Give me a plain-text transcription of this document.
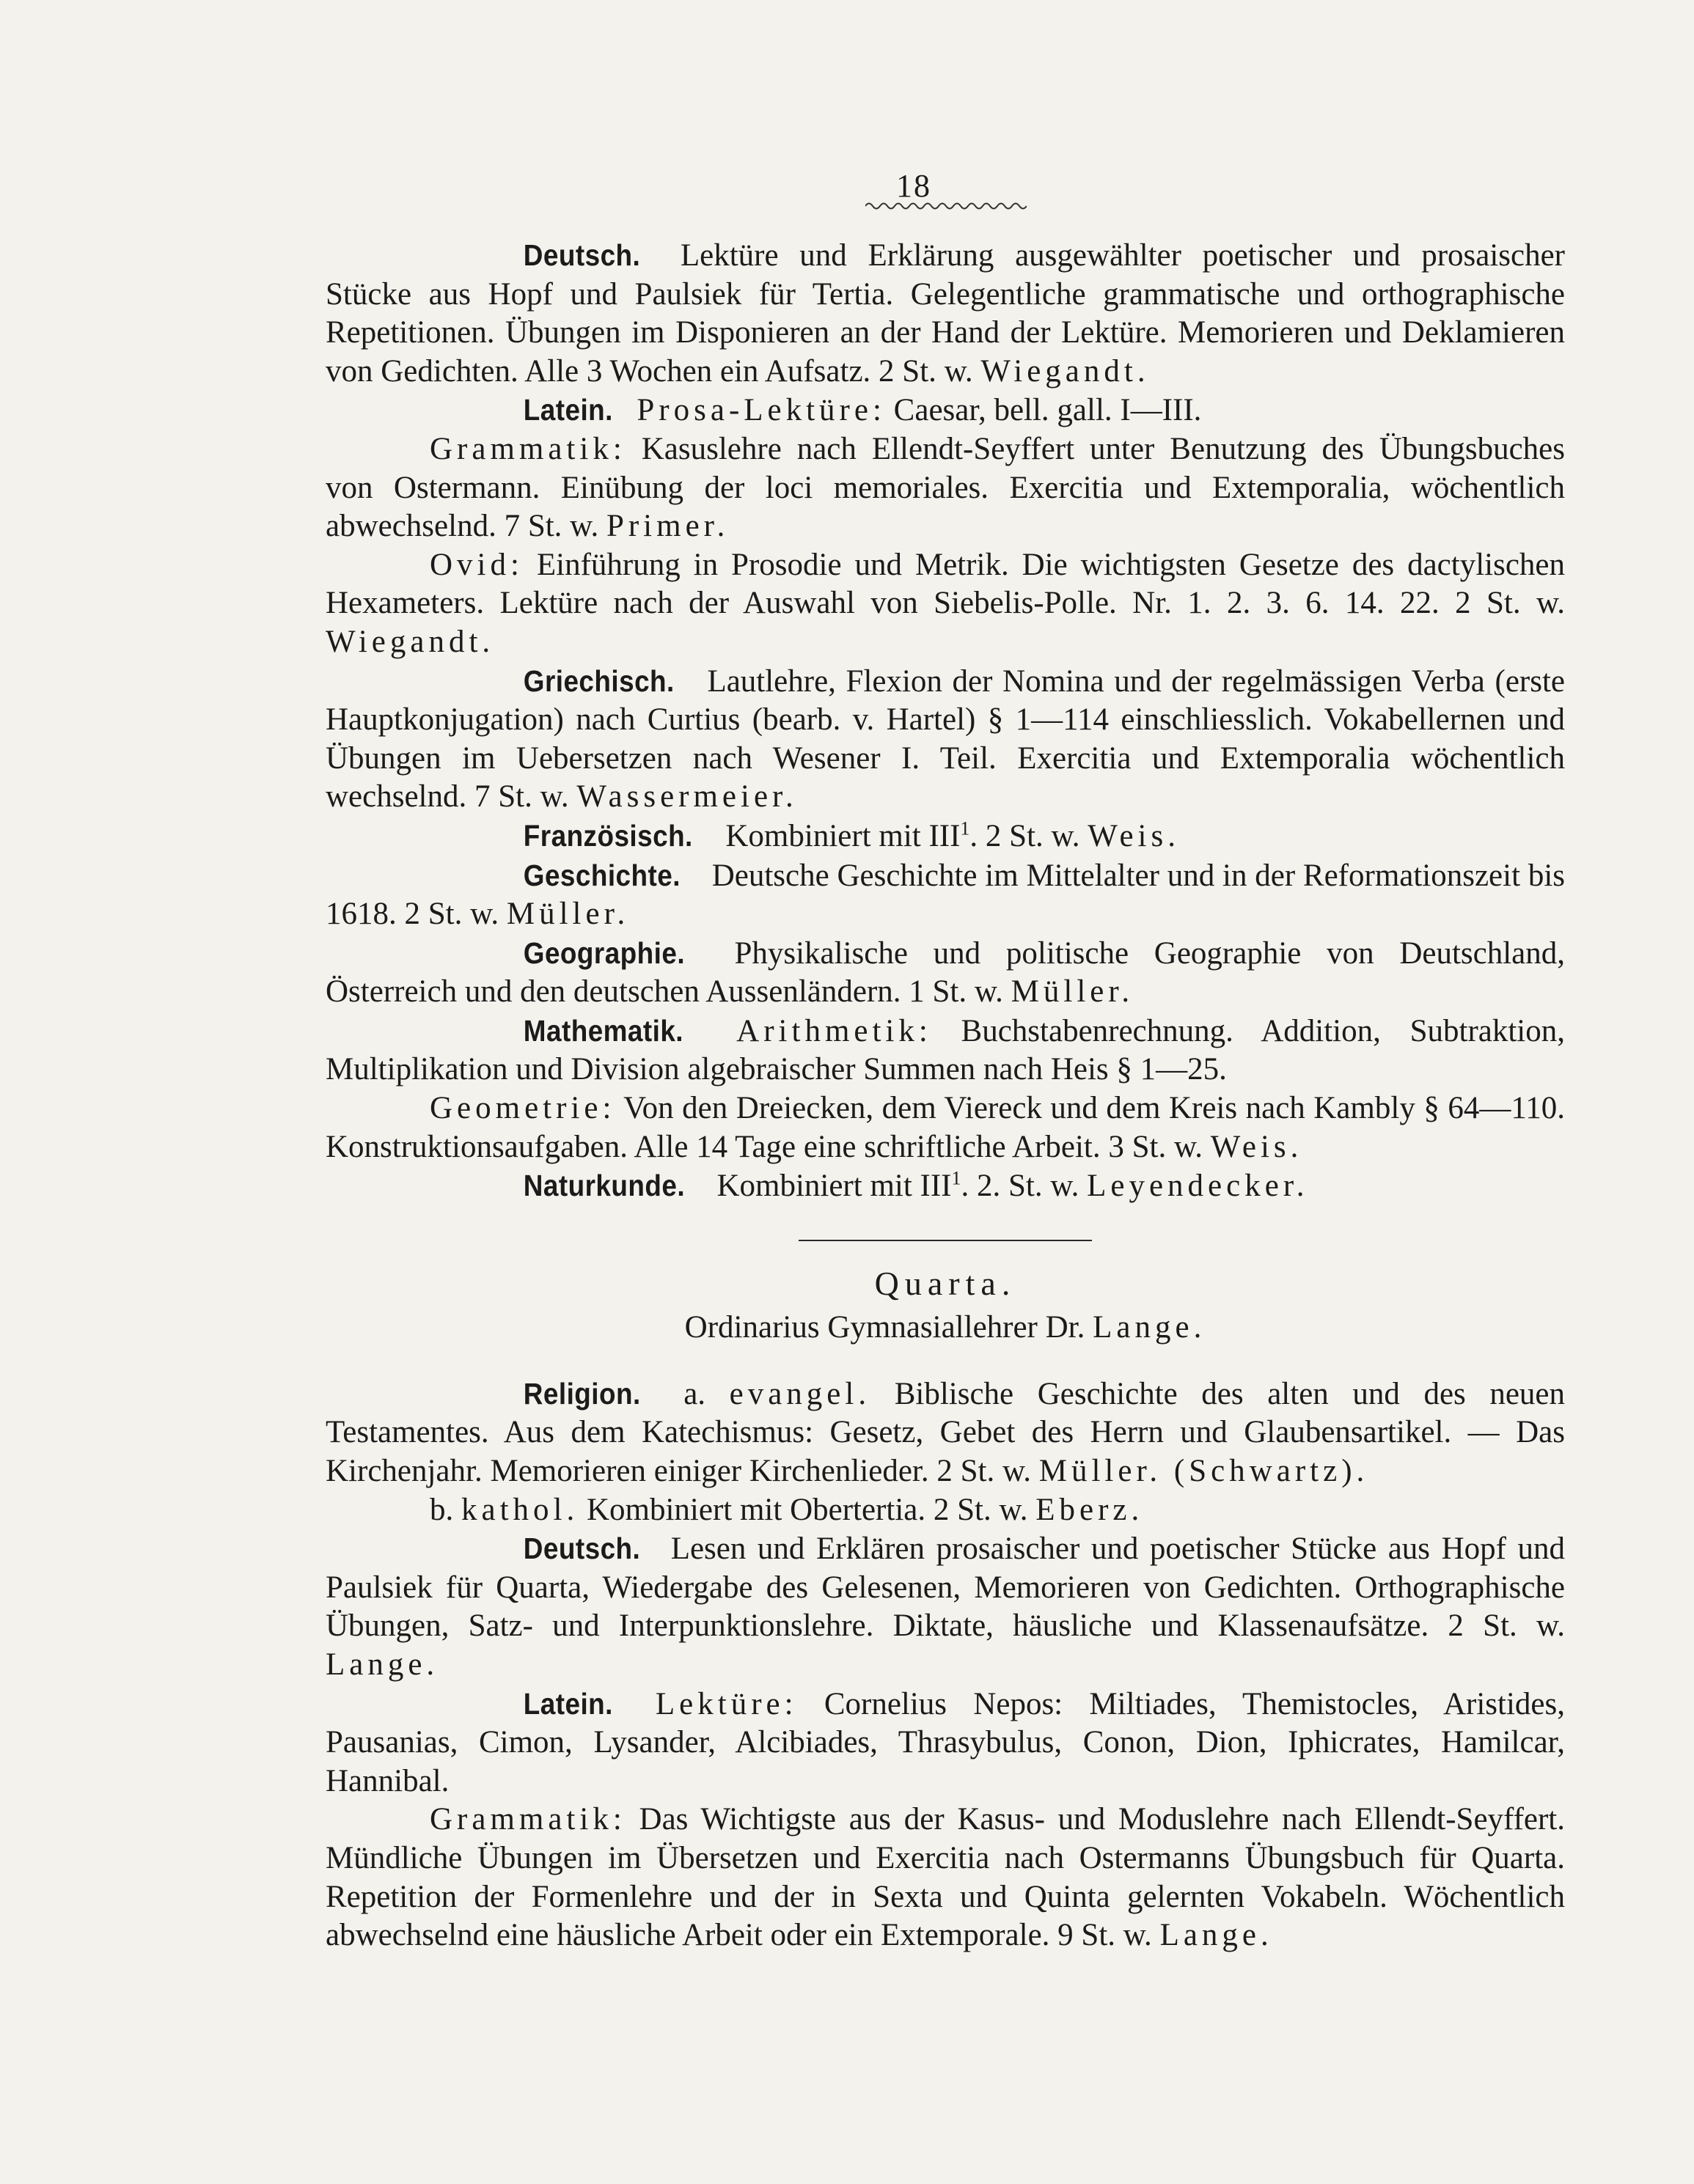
18

Deutsch. Lektüre und Erklärung ausgewählter poetischer und prosaischer Stücke aus Hopf und Paulsiek für Tertia. Gelegentliche grammatische und orthographische Repetitionen. Übungen im Disponieren an der Hand der Lektüre. Memorieren und Deklamieren von Gedichten. Alle 3 Wochen ein Aufsatz. 2 St. w. Wiegandt.

Latein. Prosa-Lektüre: Caesar, bell. gall. I—III.

Grammatik: Kasuslehre nach Ellendt-Seyffert unter Benutzung des Übungsbuches von Ostermann. Einübung der loci memoriales. Exercitia und Extemporalia, wöchentlich abwechselnd. 7 St. w. Primer.

Ovid: Einführung in Prosodie und Metrik. Die wichtigsten Gesetze des dactylischen Hexameters. Lektüre nach der Auswahl von Siebelis-Polle. Nr. 1. 2. 3. 6. 14. 22. 2 St. w. Wiegandt.

Griechisch. Lautlehre, Flexion der Nomina und der regelmässigen Verba (erste Hauptkonjugation) nach Curtius (bearb. v. Hartel) § 1—114 einschliesslich. Vokabellernen und Übungen im Uebersetzen nach Wesener I. Teil. Exercitia und Extemporalia wöchentlich wechselnd. 7 St. w. Wassermeier.

Französisch. Kombiniert mit III$^1$. 2 St. w. Weis.

Geschichte. Deutsche Geschichte im Mittelalter und in der Reformationszeit bis 1618. 2 St. w. Müller.

Geographie. Physikalische und politische Geographie von Deutschland, Österreich und den deutschen Aussenländern. 1 St. w. Müller.

Mathematik. Arithmetik: Buchstabenrechnung. Addition, Subtraktion, Multiplikation und Division algebraischer Summen nach Heis § 1—25.

Geometrie: Von den Dreiecken, dem Viereck und dem Kreis nach Kambly § 64—110. Konstruktionsaufgaben. Alle 14 Tage eine schriftliche Arbeit. 3 St. w. Weis.

Naturkunde. Kombiniert mit III$^1$. 2. St. w. Leyendecker.

Quarta.

Ordinarius Gymnasiallehrer Dr. Lange.

Religion. a. evangel. Biblische Geschichte des alten und des neuen Testamentes. Aus dem Katechismus: Gesetz, Gebet des Herrn und Glaubensartikel. — Das Kirchenjahr. Memorieren einiger Kirchenlieder. 2 St. w. Müller. (Schwartz).

b. kathol. Kombiniert mit Obertertia. 2 St. w. Eberz.

Deutsch. Lesen und Erklären prosaischer und poetischer Stücke aus Hopf und Paulsiek für Quarta, Wiedergabe des Gelesenen, Memorieren von Gedichten. Orthographische Übungen, Satz- und Interpunktionslehre. Diktate, häusliche und Klassenaufsätze. 2 St. w. Lange.

Latein. Lektüre: Cornelius Nepos: Miltiades, Themistocles, Aristides, Pausanias, Cimon, Lysander, Alcibiades, Thrasybulus, Conon, Dion, Iphicrates, Hamilcar, Hannibal.

Grammatik: Das Wichtigste aus der Kasus- und Moduslehre nach Ellendt-Seyffert. Mündliche Übungen im Übersetzen und Exercitia nach Ostermanns Übungsbuch für Quarta. Repetition der Formenlehre und der in Sexta und Quinta gelernten Vokabeln. Wöchentlich abwechselnd eine häusliche Arbeit oder ein Extemporale. 9 St. w. Lange.
